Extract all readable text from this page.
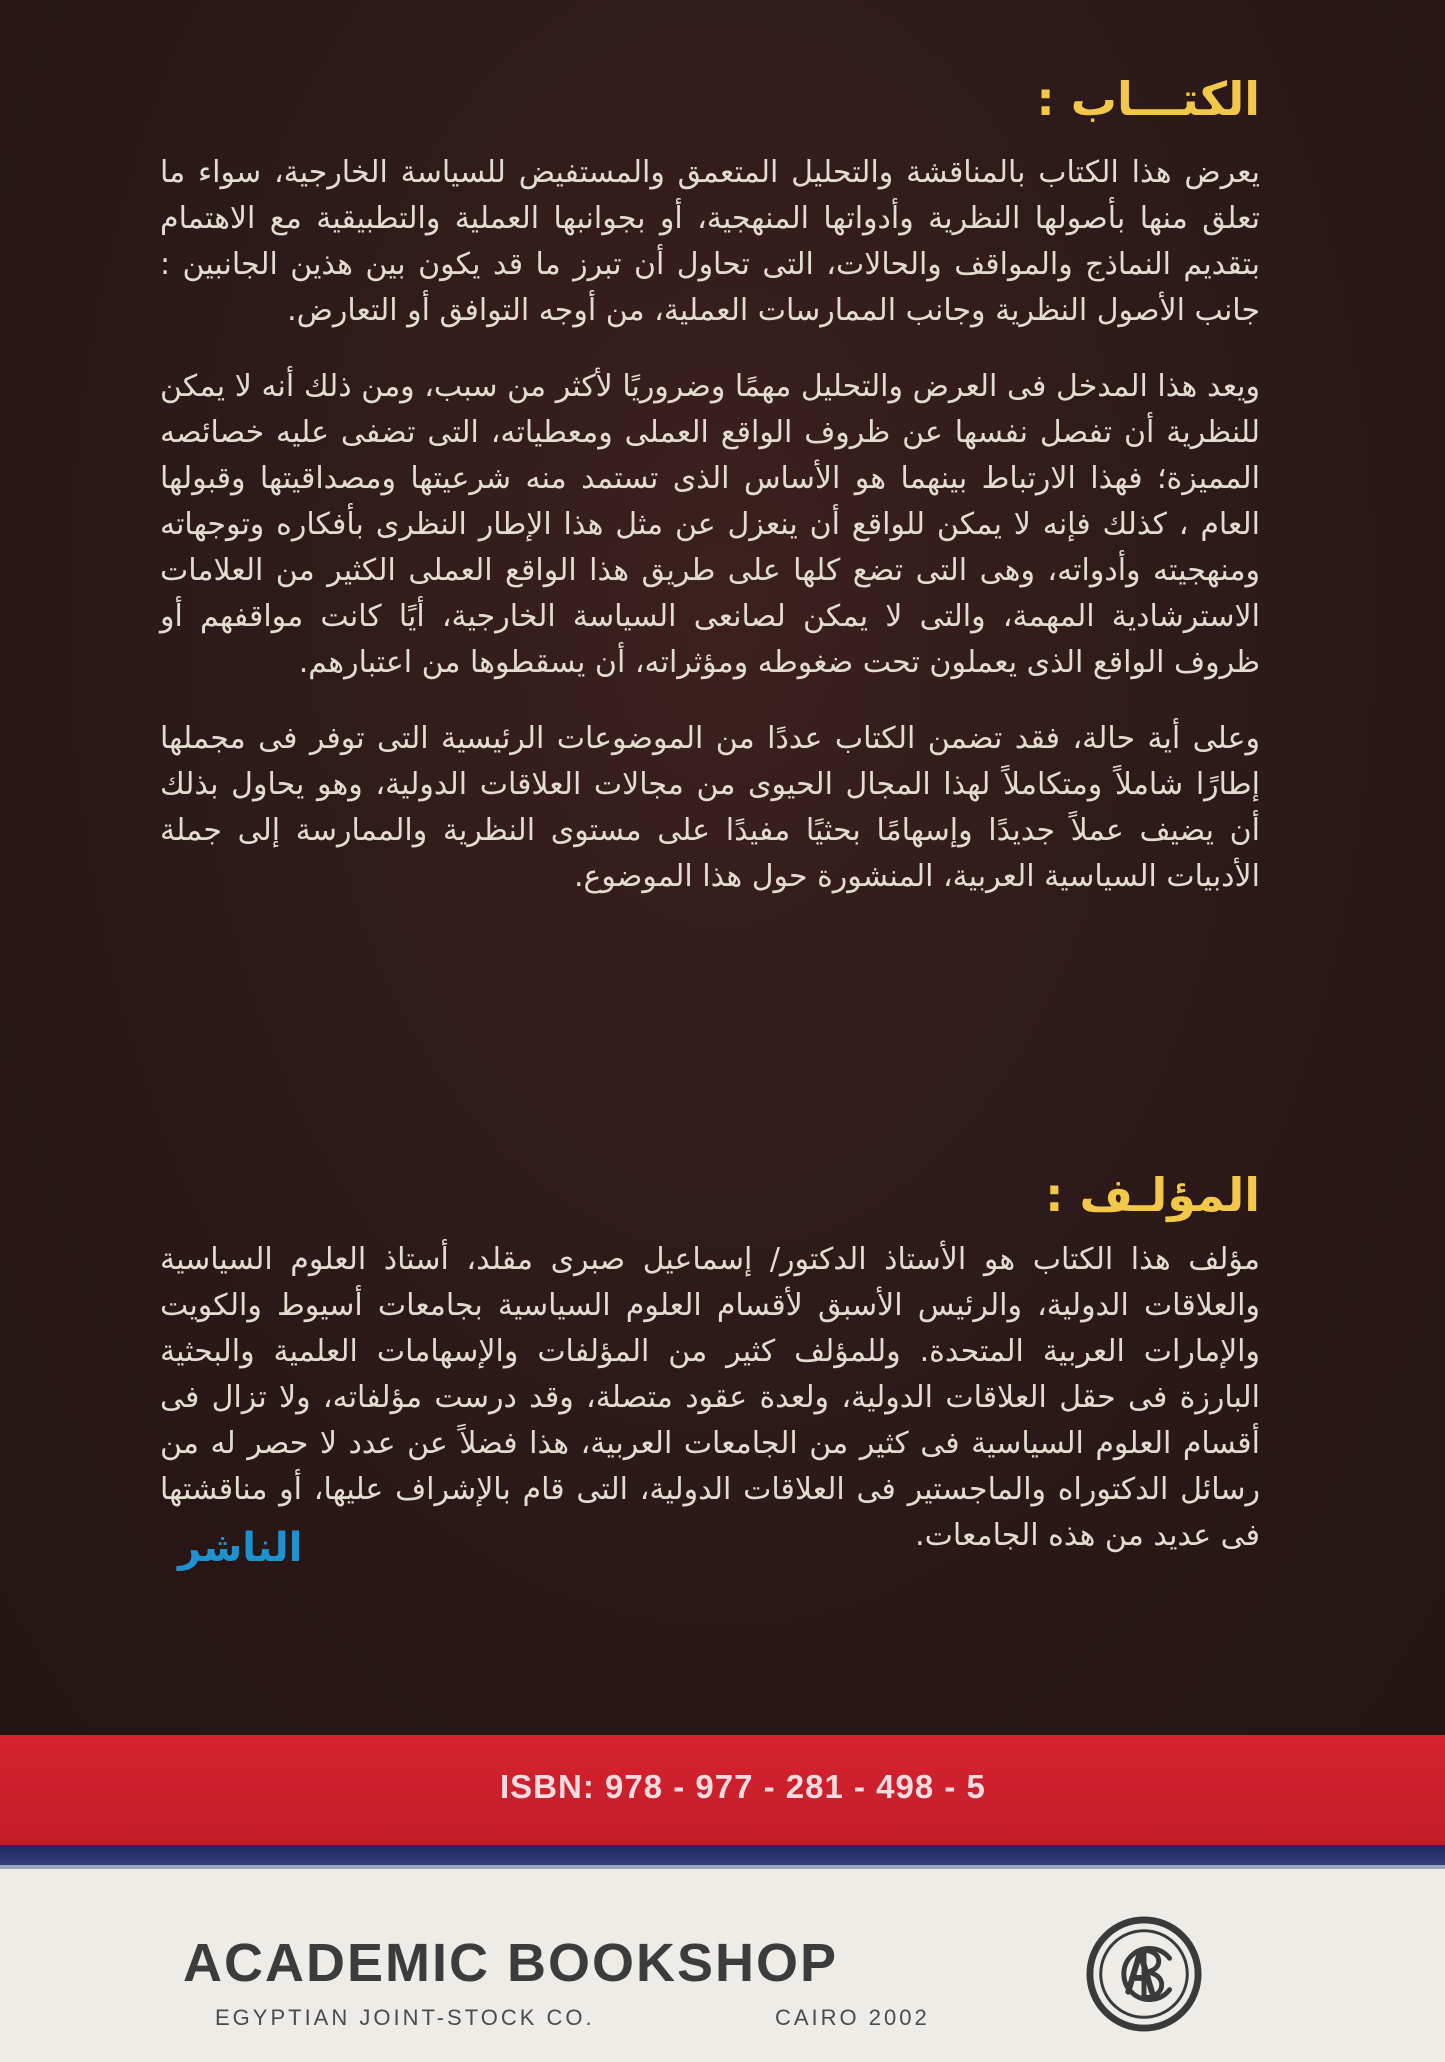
الكتـــاب :

يعرض هذا الكتاب بالمناقشة والتحليل المتعمق والمستفيض للسياسة الخارجية، سواء ما تعلق منها بأصولها النظرية وأدواتها المنهجية، أو بجوانبها العملية والتطبيقية مع الاهتمام بتقديم النماذج والمواقف والحالات، التى تحاول أن تبرز ما قد يكون بين هذين الجانبين : جانب الأصول النظرية وجانب الممارسات العملية، من أوجه التوافق أو التعارض.

ويعد هذا المدخل فى العرض والتحليل مهمًا وضروريًا لأكثر من سبب، ومن ذلك أنه لا يمكن للنظرية أن تفصل نفسها عن ظروف الواقع العملى ومعطياته، التى تضفى عليه خصائصه المميزة؛ فهذا الارتباط بينهما هو الأساس الذى تستمد منه شرعيتها ومصداقيتها وقبولها العام ، كذلك فإنه لا يمكن للواقع أن ينعزل عن مثل هذا الإطار النظرى بأفكاره وتوجهاته ومنهجيته وأدواته، وهى التى تضع كلها على طريق هذا الواقع العملى الكثير من العلامات الاسترشادية المهمة، والتى لا يمكن لصانعى السياسة الخارجية، أيًا كانت مواقفهم أو ظروف الواقع الذى يعملون تحت ضغوطه ومؤثراته، أن يسقطوها من اعتبارهم.

وعلى أية حالة، فقد تضمن الكتاب عددًا من الموضوعات الرئيسية التى توفر فى مجملها إطارًا شاملاً ومتكاملاً لهذا المجال الحيوى من مجالات العلاقات الدولية، وهو يحاول بذلك أن يضيف عملاً جديدًا وإسهامًا بحثيًا مفيدًا على مستوى النظرية والممارسة إلى جملة الأدبيات السياسية العربية، المنشورة حول هذا الموضوع.

المؤلـف :

مؤلف هذا الكتاب هو الأستاذ الدكتور/ إسماعيل صبرى مقلد، أستاذ العلوم السياسية والعلاقات الدولية، والرئيس الأسبق لأقسام العلوم السياسية بجامعات أسيوط والكويت والإمارات العربية المتحدة. وللمؤلف كثير من المؤلفات والإسهامات العلمية والبحثية البارزة فى حقل العلاقات الدولية، ولعدة عقود متصلة، وقد درست مؤلفاته، ولا تزال فى أقسام العلوم السياسية فى كثير من الجامعات العربية، هذا فضلاً عن عدد لا حصر له من رسائل الدكتوراه والماجستير فى العلاقات الدولية، التى قام بالإشراف عليها، أو مناقشتها فى عديد من هذه الجامعات.

الناشر
ISBN: 978 - 977 - 281 - 498 - 5
ACADEMIC BOOKSHOP
EGYPTIAN JOINT-STOCK CO.	CAIRO 2002
